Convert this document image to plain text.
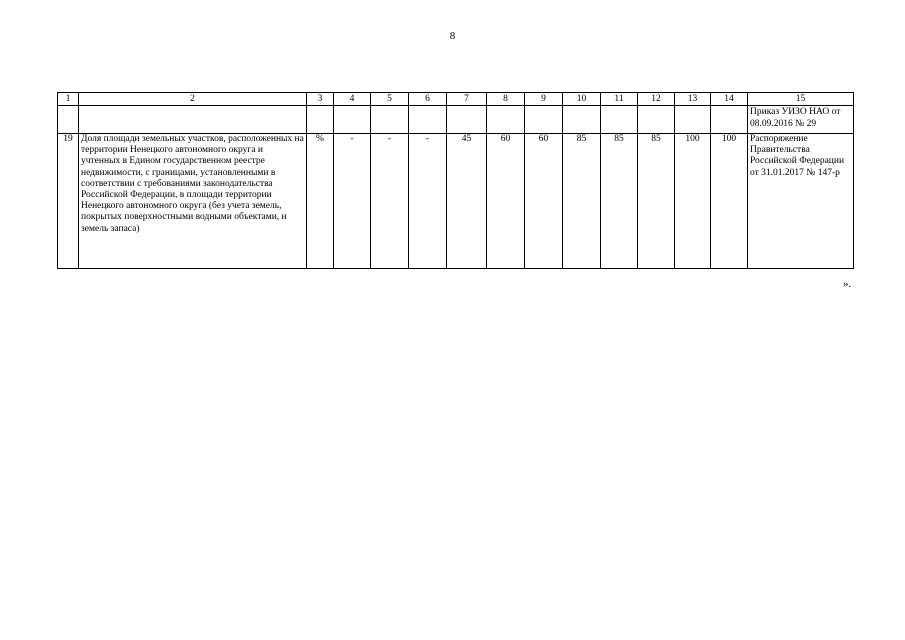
8
1	2	3	4	5	6	7	8	9	10	11	12	13	14	15

														Приказ УИЗО НАО от 08.09.2016 № 29

19	Доля площади земельных участков, расположенных на территории Ненецкого автономного округа и учтенных в Едином государственном реестре недвижимости, с границами, установленными в соответствии с требованиями законодательства Российской Федерации, в площади территории Ненецкого автономного округа (без учета земель, покрытых поверхностными водными объектами, и земель запаса)	%	-	-	-	45	60	60	85	85	85	100	100	Распоряжение Правительства Российской Федерации от 31.01.2017 № 147-р
».
